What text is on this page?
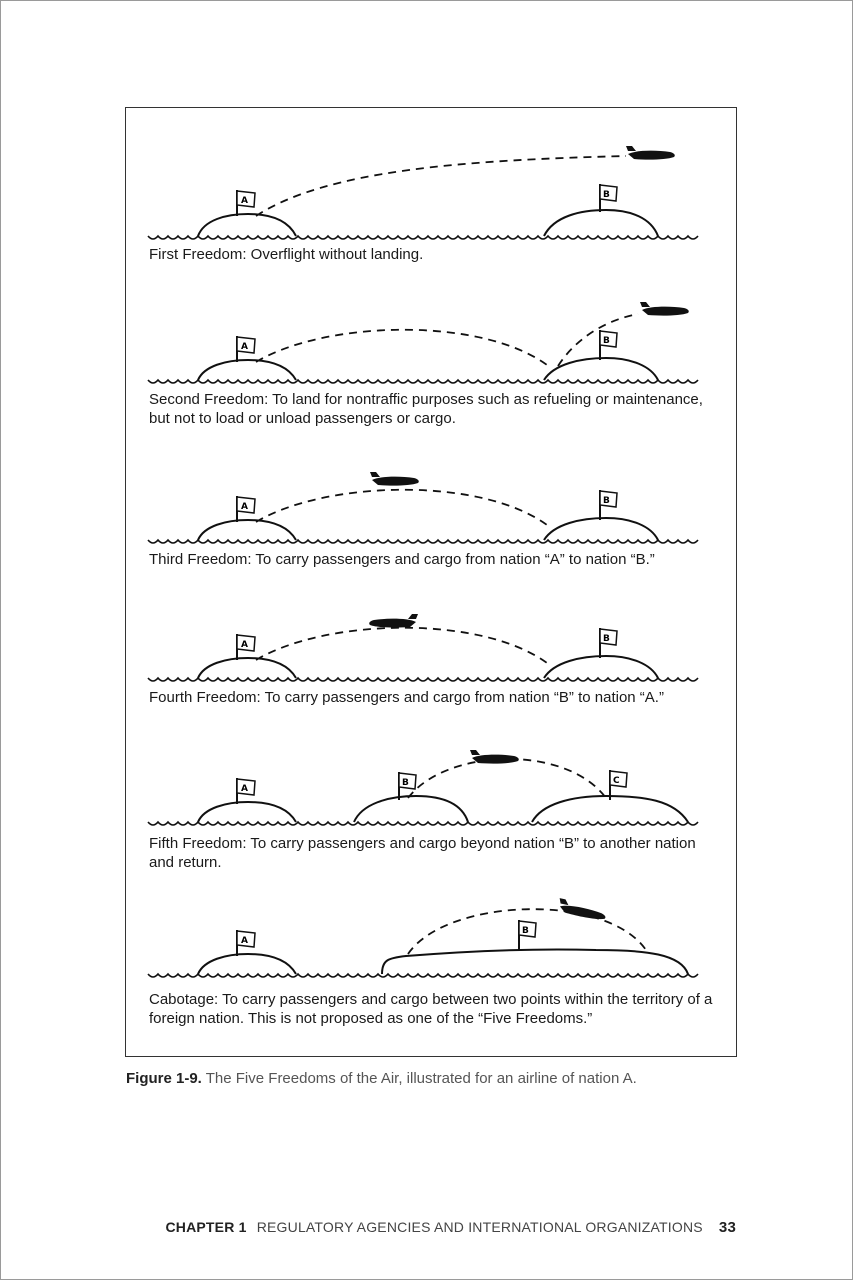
A
B
First Freedom: Overflight without landing.
A
B
Second Freedom: To land for nontraffic purposes such as refueling or maintenance, but not to load or unload passengers or cargo.
A
B
Third Freedom: To carry passengers and cargo from nation “A” to nation “B.”
A
B
Fourth Freedom: To carry passengers and cargo from nation “B” to nation “A.”
A
B	C
Fifth Freedom: To carry passengers and cargo beyond nation “B” to another nation and return.
A
B
Cabotage: To carry passengers and cargo between two points within the territory of a foreign nation. This is not proposed as one of the “Five Freedoms.”
Figure 1-9. The Five Freedoms of the Air, illustrated for an airline of nation A.
CHAPTER 1 REGULATORY AGENCIES AND INTERNATIONAL ORGANIZATIONS 33
